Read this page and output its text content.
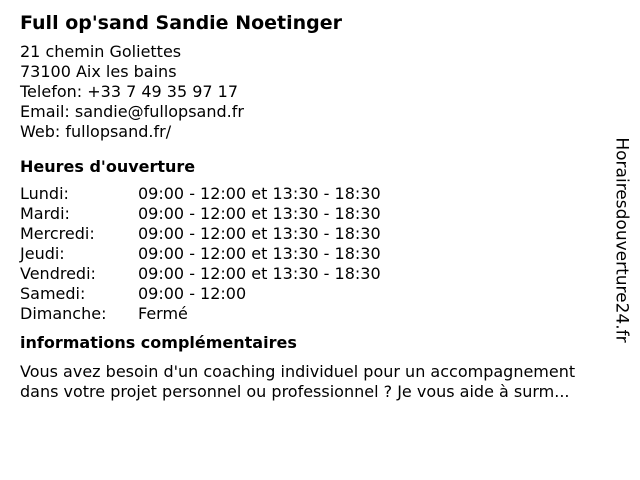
Full op'sand Sandie Noetinger
21 chemin Goliettes
73100 Aix les bains
Telefon: +33 7 49 35 97 17
Email: sandie@fullopsand.fr
Web: fullopsand.fr/
Heures d'ouverture
Lundi:	09:00 - 12:00 et 13:30 - 18:30
Mardi:	09:00 - 12:00 et 13:30 - 18:30
Mercredi:	09:00 - 12:00 et 13:30 - 18:30
Jeudi:	09:00 - 12:00 et 13:30 - 18:30
Vendredi:	09:00 - 12:00 et 13:30 - 18:30
Samedi:	09:00 - 12:00
Dimanche:	Fermé
informations complémentaires
Vous avez besoin d'un coaching individuel pour un accompagnement
dans votre projet personnel ou professionnel ? Je vous aide à surm...
Horairesdouverture24.fr
